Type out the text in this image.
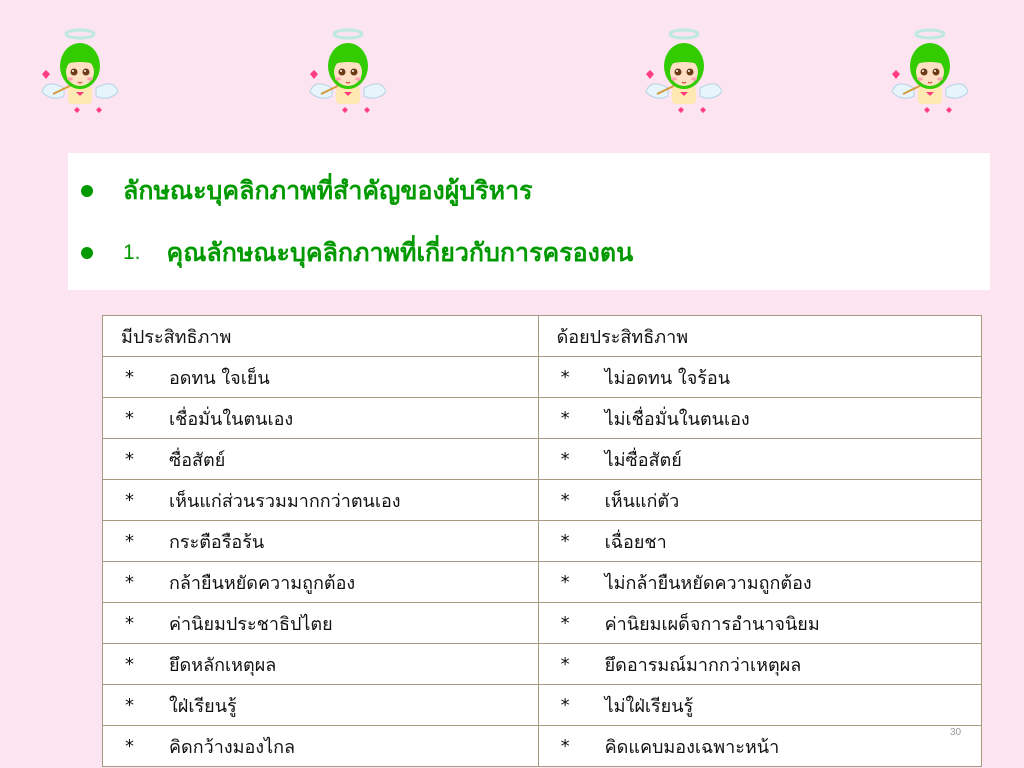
ลักษณะบุคลิกภาพที่สำคัญของผู้บริหาร
1. คุณลักษณะบุคลิกภาพที่เกี่ยวกับการครองตน
มีประสิทธิภาพ	ด้อยประสิทธิภาพ

* อดทน ใจเย็น	* ไม่อดทน ใจร้อน

* เชื่อมั่นในตนเอง	* ไม่เชื่อมั่นในตนเอง

* ซื่อสัตย์	* ไม่ซื่อสัตย์

* เห็นแก่ส่วนรวมมากกว่าตนเอง	* เห็นแก่ตัว

* กระตือรือร้น	* เฉื่อยชา

* กล้ายืนหยัดความถูกต้อง	* ไม่กล้ายืนหยัดความถูกต้อง

* ค่านิยมประชาธิปไตย	* ค่านิยมเผด็จการอำนาจนิยม

* ยึดหลักเหตุผล	* ยึดอารมณ์มากกว่าเหตุผล

* ใฝ่เรียนรู้	* ไม่ใฝ่เรียนรู้

* คิดกว้างมองไกล	* คิดแคบมองเฉพาะหน้า
30
